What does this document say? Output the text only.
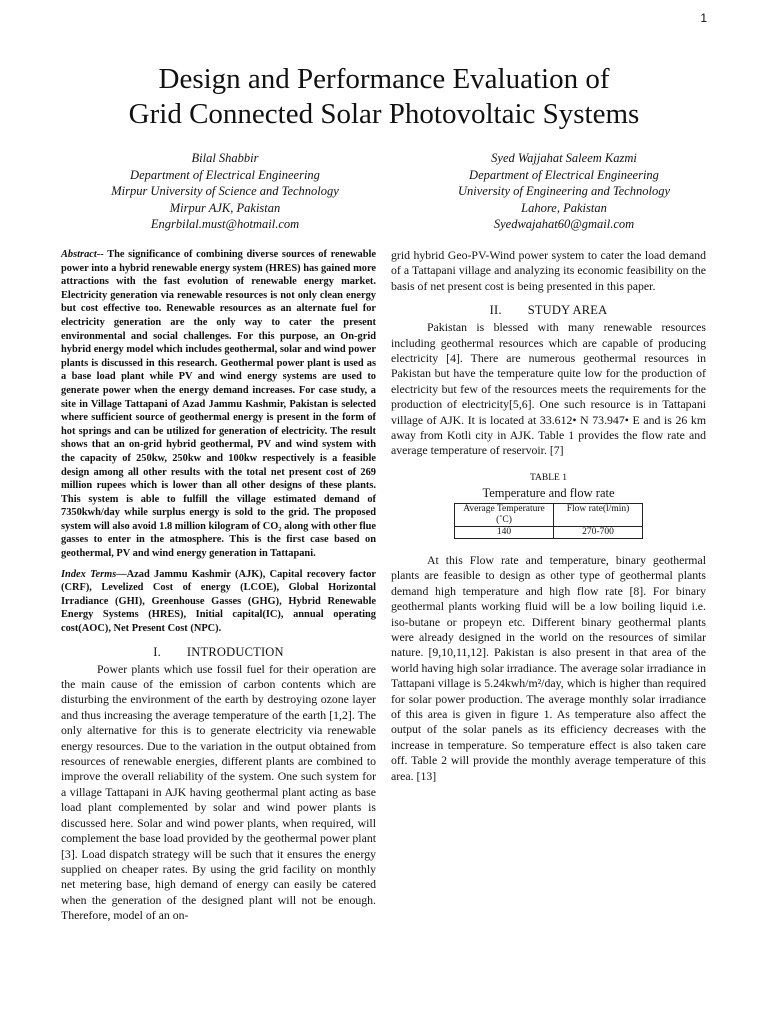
1
Design and Performance Evaluation of
Grid Connected Solar Photovoltaic Systems
Bilal Shabbir
Department of Electrical Engineering
Mirpur University of Science and Technology
Mirpur AJK, Pakistan
Engrbilal.must@hotmail.com
Syed Wajjahat Saleem Kazmi
Department of Electrical Engineering
University of Engineering and Technology
Lahore, Pakistan
Syedwajahat60@gmail.com

Abstract-- The significance of combining diverse sources of renewable power into a hybrid renewable energy system (HRES) has gained more attractions with the fast evolution of renewable energy market. Electricity generation via renewable resources is not only clean energy but cost effective too. Renewable resources as an alternate fuel for electricity generation are the only way to cater the present environmental and social challenges. For this purpose, an On-grid hybrid energy model which includes geothermal, solar and wind power plants is discussed in this research. Geothermal power plant is used as a base load plant while PV and wind energy systems are used to generate power when the energy demand increases. For case study, a site in Village Tattapani of Azad Jammu Kashmir, Pakistan is selected where sufficient source of geothermal energy is present in the form of hot springs and can be utilized for generation of electricity. The result shows that an on-grid hybrid geothermal, PV and wind system with the capacity of 250kw, 250kw and 100kw respectively is a feasible design among all other results with the total net present cost of 269 million rupees which is lower than all other designs of these plants. This system is able to fulfill the village estimated demand of 7350kwh/day while surplus energy is sold to the grid. The proposed system will also avoid 1.8 million kilogram of CO₂ along with other flue gasses to enter in the atmosphere. This is the first case based on geothermal, PV and wind energy generation in Tattapani.

Index Terms—Azad Jammu Kashmir (AJK), Capital recovery factor (CRF), Levelized Cost of energy (LCOE), Global Horizontal Irradiance (GHI), Greenhouse Gasses (GHG), Hybrid Renewable Energy Systems (HRES), Initial capital(IC), annual operating cost(AOC), Net Present Cost (NPC).

I. INTRODUCTION

Power plants which use fossil fuel for their operation are the main cause of the emission of carbon contents which are disturbing the environment of the earth by destroying ozone layer and thus increasing the average temperature of the earth [1,2]. The only alternative for this is to generate electricity via renewable energy resources. Due to the variation in the output obtained from resources of renewable energies, different plants are combined to improve the overall reliability of the system. One such system for a village Tattapani in AJK having geothermal plant acting as base load plant complemented by solar and wind power plants is discussed here. Solar and wind power plants, when required, will complement the base load provided by the geothermal power plant [3]. Load dispatch strategy will be such that it ensures the energy supplied on cheaper rates. By using the grid facility on monthly net metering base, high demand of energy can easily be catered when the generation of the designed plant will not be enough. Therefore, model of an on-

grid hybrid Geo-PV-Wind power system to cater the load demand of a Tattapani village and analyzing its economic feasibility on the basis of net present cost is being presented in this paper.

II. STUDY AREA

Pakistan is blessed with many renewable resources including geothermal resources which are capable of producing electricity [4]. There are numerous geothermal resources in Pakistan but have the temperature quite low for the production of electricity but few of the resources meets the requirements for the production of electricity[5,6]. One such resource is in Tattapani village of AJK. It is located at 33.612• N 73.947• E and is 26 km away from Kotli city in AJK. Table 1 provides the flow rate and average temperature of reservoir. [7]

TABLE 1

Temperature and flow rate

Average Temperature (˚C)	Flow rate(l/min)
140	270-700

At this Flow rate and temperature, binary geothermal plants are feasible to design as other type of geothermal plants demand high temperature and high flow rate [8]. For binary geothermal plants working fluid will be a low boiling liquid i.e. iso-butane or propeyn etc. Different binary geothermal plants were already designed in the world on the resources of similar nature. [9,10,11,12]. Pakistan is also present in that area of the world having high solar irradiance. The average solar irradiance in Tattapani village is 5.24kwh/m²/day, which is higher than required for solar power production. The average monthly solar irradiance of this area is given in figure 1. As temperature also affect the output of the solar panels as its efficiency decreases with the increase in temperature. So temperature effect is also taken care off. Table 2 will provide the monthly average temperature of this area. [13]
